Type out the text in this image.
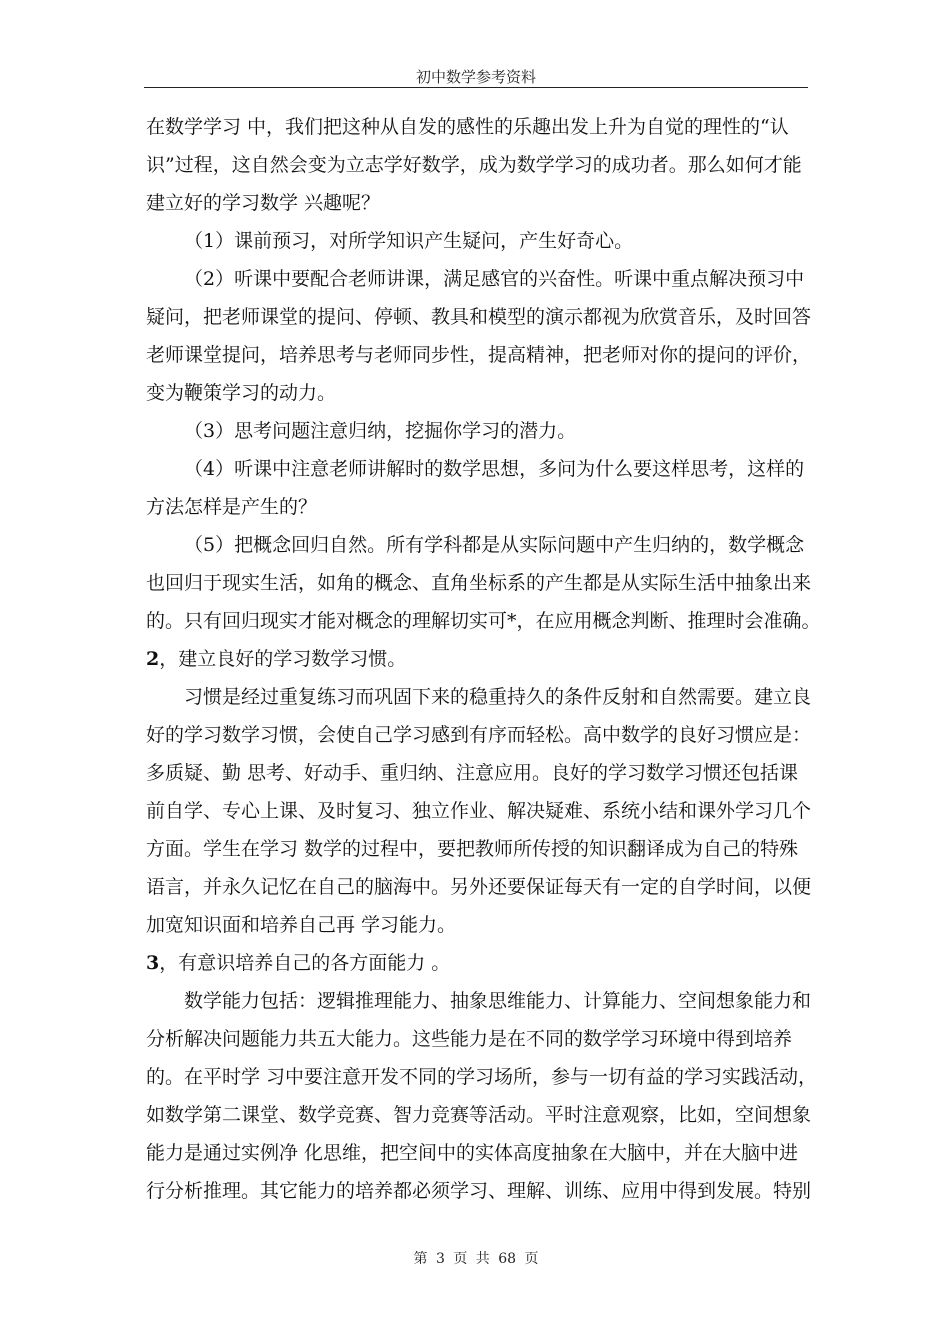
初中数学参考资料

在数学学习 中，我们把这种从自发的感性的乐趣出发上升为自觉的理性的“认

识”过程，这自然会变为立志学好数学，成为数学学习的成功者。那么如何才能

建立好的学习数学 兴趣呢？

（1）课前预习，对所学知识产生疑问，产生好奇心。

（2）听课中要配合老师讲课，满足感官的兴奋性。听课中重点解决预习中

疑问，把老师课堂的提问、停顿、教具和模型的演示都视为欣赏音乐，及时回答

老师课堂提问，培养思考与老师同步性，提高精神，把老师对你的提问的评价，

变为鞭策学习的动力。

（3）思考问题注意归纳，挖掘你学习的潜力。

（4）听课中注意老师讲解时的数学思想，多问为什么要这样思考，这样的

方法怎样是产生的？

（5）把概念回归自然。所有学科都是从实际问题中产生归纳的，数学概念

也回归于现实生活，如角的概念、直角坐标系的产生都是从实际生活中抽象出来

的。只有回归现实才能对概念的理解切实可*，在应用概念判断、推理时会准确。

2，建立良好的学习数学习惯。

习惯是经过重复练习而巩固下来的稳重持久的条件反射和自然需要。建立良

好的学习数学习惯，会使自己学习感到有序而轻松。高中数学的良好习惯应是：

多质疑、勤 思考、好动手、重归纳、注意应用。良好的学习数学习惯还包括课

前自学、专心上课、及时复习、独立作业、解决疑难、系统小结和课外学习几个

方面。学生在学习 数学的过程中，要把教师所传授的知识翻译成为自己的特殊

语言，并永久记忆在自己的脑海中。另外还要保证每天有一定的自学时间，以便

加宽知识面和培养自己再 学习能力。

3，有意识培养自己的各方面能力 。

数学能力包括：逻辑推理能力、抽象思维能力、计算能力、空间想象能力和

分析解决问题能力共五大能力。这些能力是在不同的数学学习环境中得到培养

的。在平时学 习中要注意开发不同的学习场所，参与一切有益的学习实践活动，

如数学第二课堂、数学竞赛、智力竞赛等活动。平时注意观察，比如，空间想象

能力是通过实例净 化思维，把空间中的实体高度抽象在大脑中，并在大脑中进

行分析推理。其它能力的培养都必须学习、理解、训练、应用中得到发展。特别

第 3 页 共 68 页
